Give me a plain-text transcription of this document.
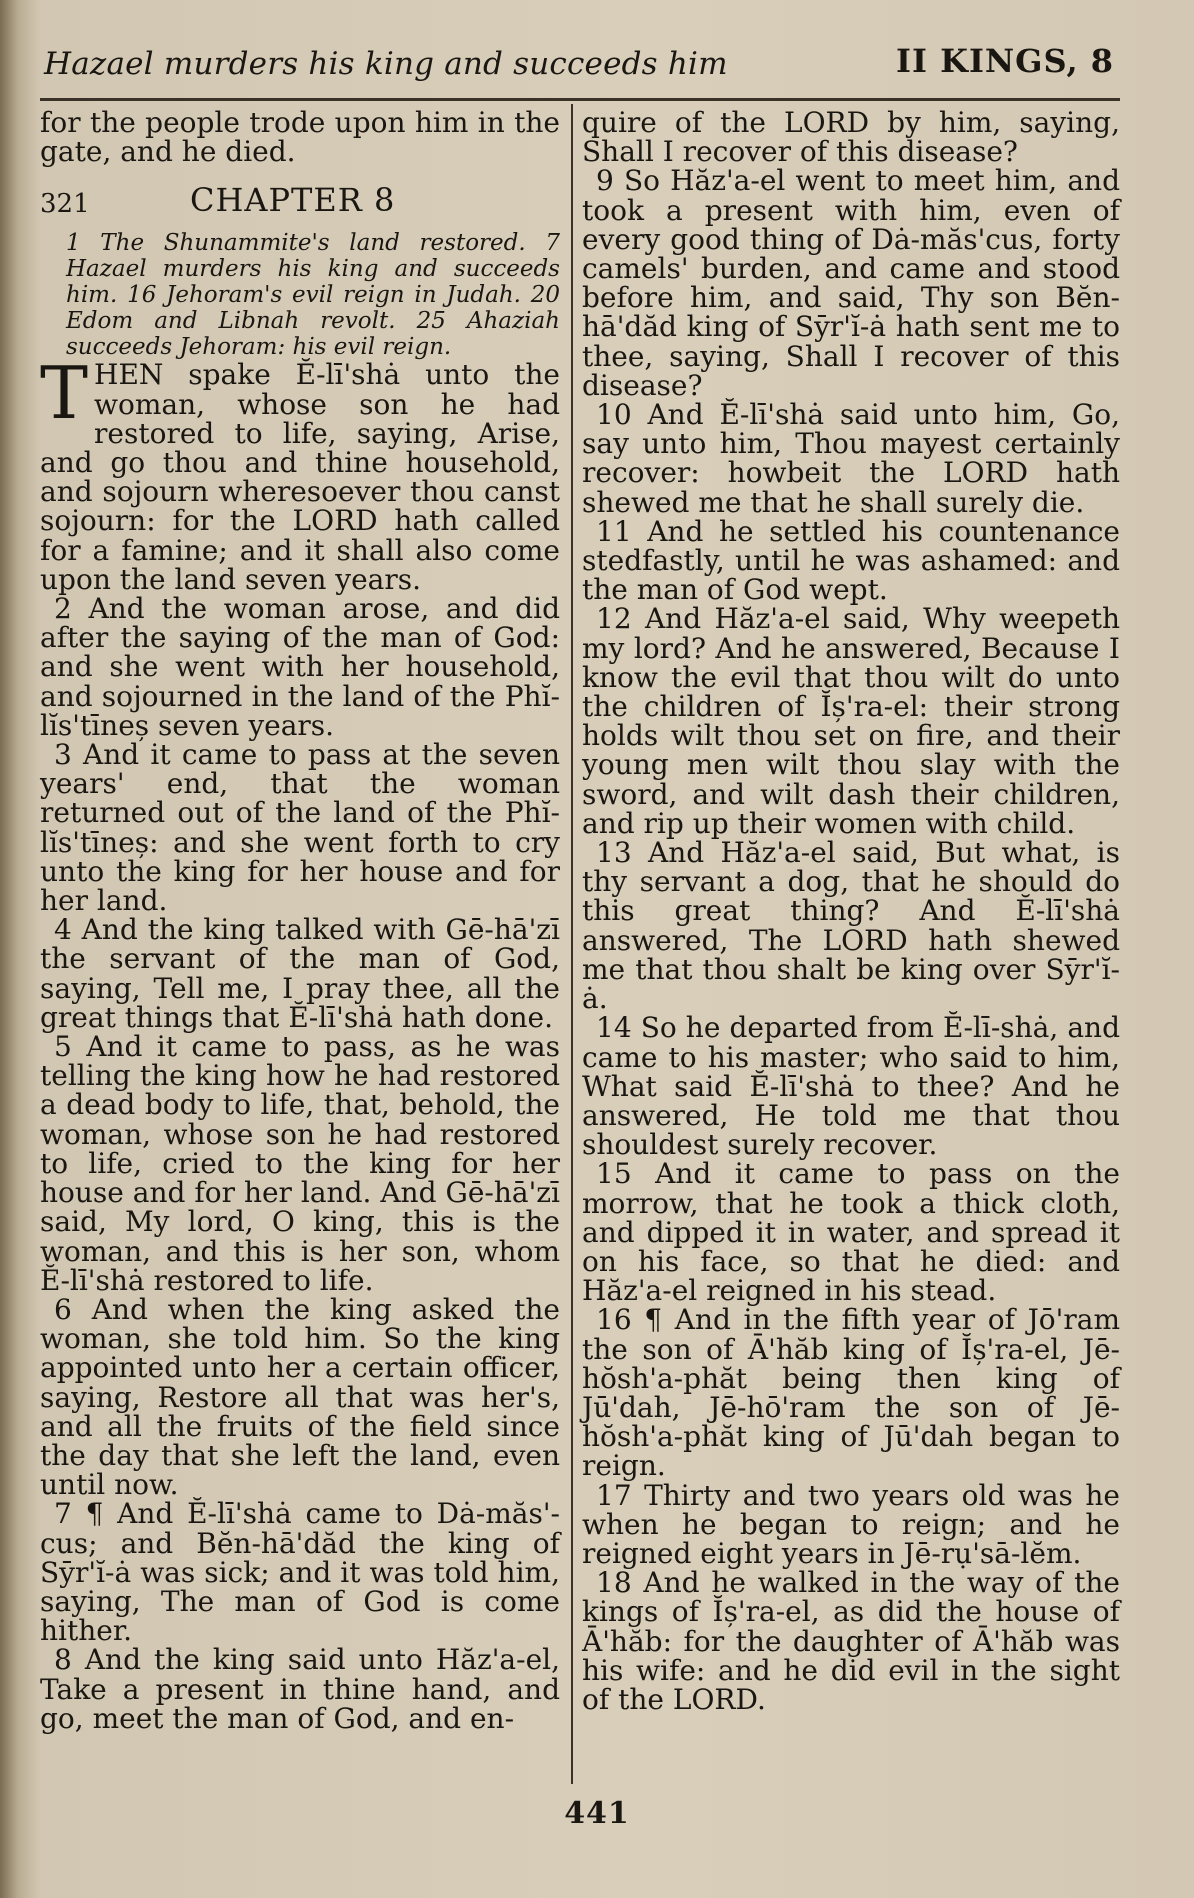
Hazael murders his king and succeeds him	II KINGS, 8

for the people trode upon him in the gate, and he died.

321	CHAPTER 8

1 The Shunammite's land restored. 7 Hazael murders his king and succeeds him. 16 Jehoram's evil reign in Judah. 20 Edom and Libnah revolt. 25 Ahaziah succeeds Jehoram: his evil reign.

THEN spake Ĕ-lī'shȧ unto the woman, whose son he had restored to life, saying, Arise, and go thou and thine household, and sojourn wheresoever thou canst sojourn: for the LORD hath called for a famine; and it shall also come upon the land seven years.

2 And the woman arose, and did after the saying of the man of God: and she went with her household, and sojourned in the land of the Phĭ-lĭs'tīneș seven years.

3 And it came to pass at the seven years' end, that the woman returned out of the land of the Phĭ-lĭs'tīneș: and she went forth to cry unto the king for her house and for her land.

4 And the king talked with Gē-hā'zī the servant of the man of God, saying, Tell me, I pray thee, all the great things that Ĕ-lī'shȧ hath done.

5 And it came to pass, as he was telling the king how he had restored a dead body to life, that, behold, the woman, whose son he had restored to life, cried to the king for her house and for her land. And Gē-hā'zī said, My lord, O king, this is the woman, and this is her son, whom Ĕ-lī'shȧ restored to life.

6 And when the king asked the woman, she told him. So the king appointed unto her a certain officer, saying, Restore all that was her's, and all the fruits of the field since the day that she left the land, even until now.

7 ¶ And Ĕ-lī'shȧ came to Dȧ-măs'-cus; and Bĕn-hā'dăd the king of Sȳr'ĭ-ȧ was sick; and it was told him, saying, The man of God is come hither.

8 And the king said unto Hăz'a-el, Take a present in thine hand, and go, meet the man of God, and en-

quire of the LORD by him, saying, Shall I recover of this disease?

9 So Hăz'a-el went to meet him, and took a present with him, even of every good thing of Dȧ-măs'cus, forty camels' burden, and came and stood before him, and said, Thy son Bĕn-hā'dăd king of Sȳr'ĭ-ȧ hath sent me to thee, saying, Shall I recover of this disease?

10 And Ĕ-lī'shȧ said unto him, Go, say unto him, Thou mayest certainly recover: howbeit the LORD hath shewed me that he shall surely die.

11 And he settled his countenance stedfastly, until he was ashamed: and the man of God wept.

12 And Hăz'a-el said, Why weepeth my lord? And he answered, Because I know the evil that thou wilt do unto the children of Ĭș'ra-el: their strong holds wilt thou set on fire, and their young men wilt thou slay with the sword, and wilt dash their children, and rip up their women with child.

13 And Hăz'a-el said, But what, is thy servant a dog, that he should do this great thing? And Ĕ-lī'shȧ answered, The LORD hath shewed me that thou shalt be king over Sȳr'ĭ-ȧ.

14 So he departed from Ĕ-lī-shȧ, and came to his master; who said to him, What said Ĕ-lī'shȧ to thee? And he answered, He told me that thou shouldest surely recover.

15 And it came to pass on the morrow, that he took a thick cloth, and dipped it in water, and spread it on his face, so that he died: and Hăz'a-el reigned in his stead.

16 ¶ And in the fifth year of Jō'ram the son of Ā'hăb king of Ĭș'ra-el, Jē-hŏsh'a-phăt being then king of Jū'dah, Jē-hō'ram the son of Jē-hŏsh'a-phăt king of Jū'dah began to reign.

17 Thirty and two years old was he when he began to reign; and he reigned eight years in Jē-rụ'sā-lĕm.

18 And he walked in the way of the kings of Ĭș'ra-el, as did the house of Ā'hăb: for the daughter of Ā'hăb was his wife: and he did evil in the sight of the LORD.

441
